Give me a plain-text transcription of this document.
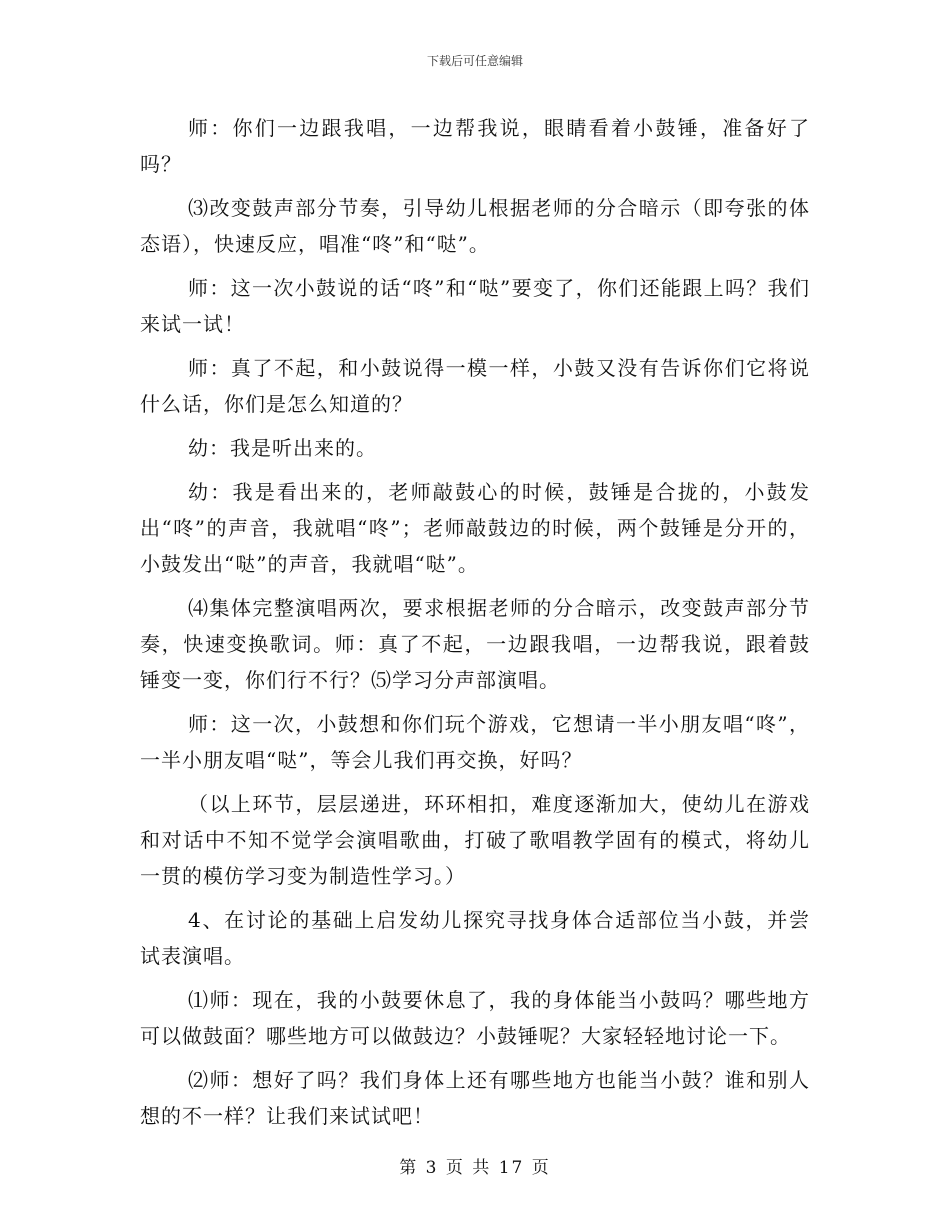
下载后可任意编辑

师：你们一边跟我唱，一边帮我说，眼睛看着小鼓锤，准备好了吗？

⑶改变鼓声部分节奏，引导幼儿根据老师的分合暗示（即夸张的体态语），快速反应，唱准“咚”和“哒”。

师：这一次小鼓说的话“咚”和“哒”要变了，你们还能跟上吗？我们来试一试！

师：真了不起，和小鼓说得一模一样，小鼓又没有告诉你们它将说什么话，你们是怎么知道的？

幼：我是听出来的。

幼：我是看出来的，老师敲鼓心的时候，鼓锤是合拢的，小鼓发出“咚”的声音，我就唱“咚”；老师敲鼓边的时候，两个鼓锤是分开的，小鼓发出“哒”的声音，我就唱“哒”。

⑷集体完整演唱两次，要求根据老师的分合暗示，改变鼓声部分节奏，快速变换歌词。师：真了不起，一边跟我唱，一边帮我说，跟着鼓锤变一变，你们行不行？⑸学习分声部演唱。

师：这一次，小鼓想和你们玩个游戏，它想请一半小朋友唱“咚”，一半小朋友唱“哒”，等会儿我们再交换，好吗？

（以上环节，层层递进，环环相扣，难度逐渐加大，使幼儿在游戏和对话中不知不觉学会演唱歌曲，打破了歌唱教学固有的模式，将幼儿一贯的模仿学习变为制造性学习。）

4、在讨论的基础上启发幼儿探究寻找身体合适部位当小鼓，并尝试表演唱。

⑴师：现在，我的小鼓要休息了，我的身体能当小鼓吗？哪些地方可以做鼓面？哪些地方可以做鼓边？小鼓锤呢？大家轻轻地讨论一下。

⑵师：想好了吗？我们身体上还有哪些地方也能当小鼓？谁和别人想的不一样？让我们来试试吧！

第 3 页 共 17 页
